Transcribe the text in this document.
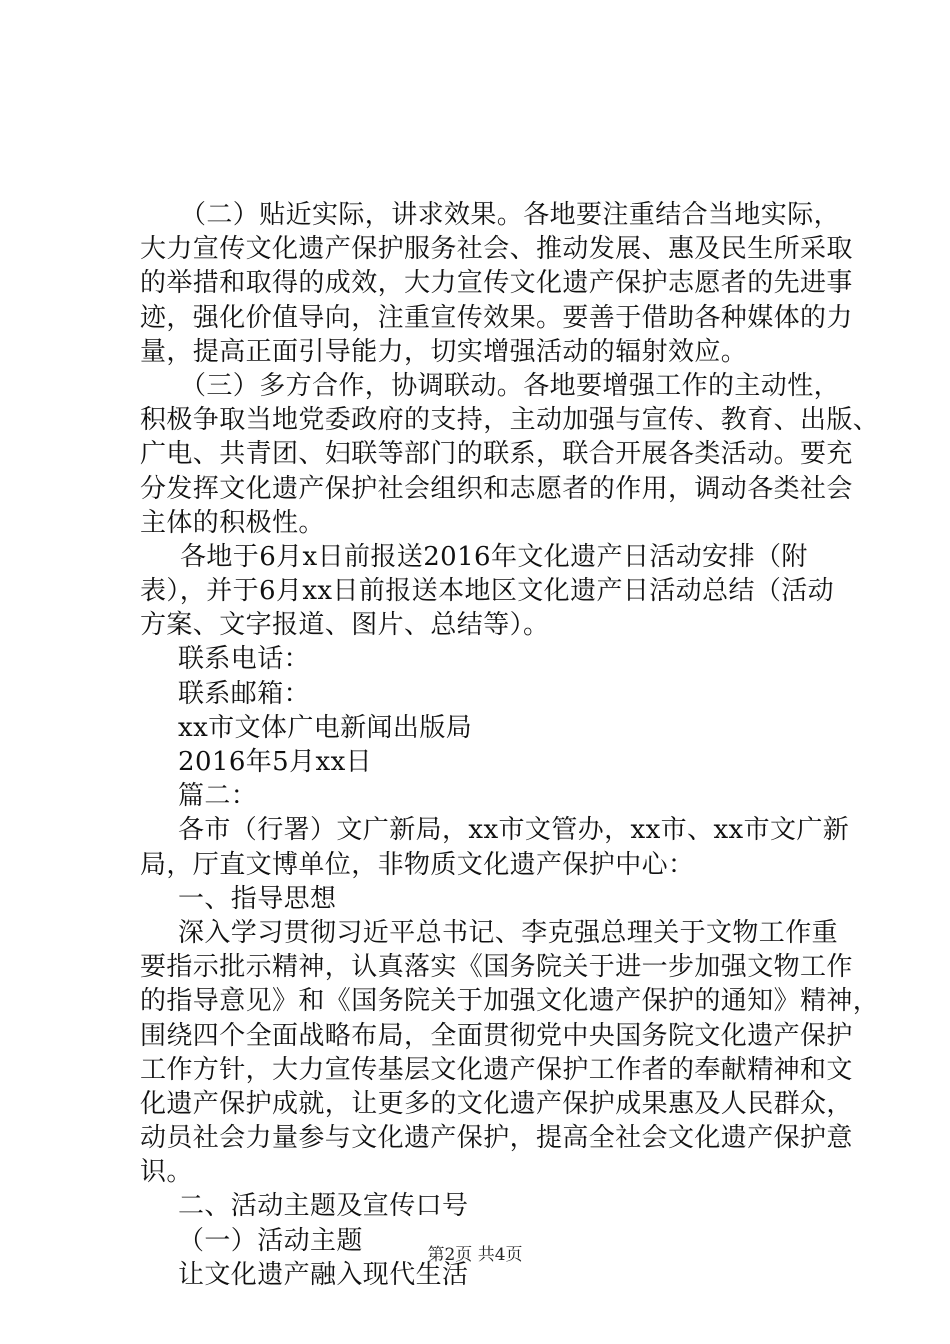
（二）贴近实际，讲求效果。各地要注重结合当地实际，
大力宣传文化遗产保护服务社会、推动发展、惠及民生所采取
的举措和取得的成效，大力宣传文化遗产保护志愿者的先进事
迹，强化价值导向，注重宣传效果。要善于借助各种媒体的力
量，提高正面引导能力，切实增强活动的辐射效应。
（三）多方合作，协调联动。各地要增强工作的主动性，
积极争取当地党委政府的支持，主动加强与宣传、教育、出版、
广电、共青团、妇联等部门的联系，联合开展各类活动。要充
分发挥文化遗产保护社会组织和志愿者的作用，调动各类社会
主体的积极性。
各地于6月x日前报送2016年文化遗产日活动安排（附
表），并于6月xx日前报送本地区文化遗产日活动总结（活动
方案、文字报道、图片、总结等）。
联系电话：
联系邮箱：
xx市文体广电新闻出版局
2016年5月xx日
篇二：
各市（行署）文广新局，xx市文管办，xx市、xx市文广新
局，厅直文博单位，非物质文化遗产保护中心：
一、指导思想
深入学习贯彻习近平总书记、李克强总理关于文物工作重
要指示批示精神，认真落实《国务院关于进一步加强文物工作
的指导意见》和《国务院关于加强文化遗产保护的通知》精神，
围绕四个全面战略布局，全面贯彻党中央国务院文化遗产保护
工作方针，大力宣传基层文化遗产保护工作者的奉献精神和文
化遗产保护成就，让更多的文化遗产保护成果惠及人民群众，
动员社会力量参与文化遗产保护，提高全社会文化遗产保护意
识。
二、活动主题及宣传口号
（一）活动主题
让文化遗产融入现代生活
第2页 共4页
